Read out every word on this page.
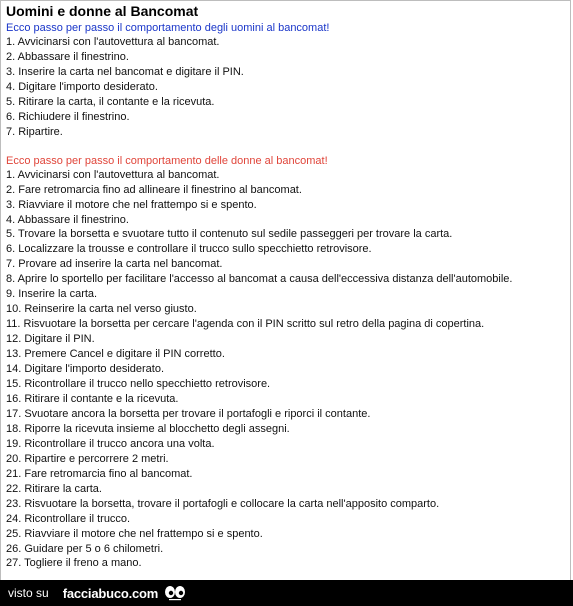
Uomini e donne al Bancomat
Ecco passo per passo il comportamento degli uomini al bancomat!
1. Avvicinarsi con l'autovettura al bancomat.
2. Abbassare il finestrino.
3. Inserire la carta nel bancomat e digitare il PIN.
4. Digitare l'importo desiderato.
5. Ritirare la carta, il contante e la ricevuta.
6. Richiudere il finestrino.
7. Ripartire.
Ecco passo per passo il comportamento delle donne al bancomat!
1. Avvicinarsi con l'autovettura al bancomat.
2. Fare retromarcia fino ad allineare il finestrino al bancomat.
3. Riavviare il motore che nel frattempo si e spento.
4. Abbassare il finestrino.
5. Trovare la borsetta e svuotare tutto il contenuto sul sedile passeggeri per trovare la carta.
6. Localizzare la trousse e controllare il trucco sullo specchietto retrovisore.
7. Provare ad inserire la carta nel bancomat.
8. Aprire lo sportello per facilitare l'accesso al bancomat a causa dell'eccessiva distanza dell'automobile.
9. Inserire la carta.
10. Reinserire la carta nel verso giusto.
11. Risvuotare la borsetta per cercare l'agenda con il PIN scritto sul retro della pagina di copertina.
12. Digitare il PIN.
13. Premere Cancel e digitare il PIN corretto.
14. Digitare l'importo desiderato.
15. Ricontrollare il trucco nello specchietto retrovisore.
16. Ritirare il contante e la ricevuta.
17. Svuotare ancora la borsetta per trovare il portafogli e riporci il contante.
18. Riporre la ricevuta insieme al blocchetto degli assegni.
19. Ricontrollare il trucco ancora una volta.
20. Ripartire e percorrere 2 metri.
21. Fare retromarcia fino al bancomat.
22. Ritirare la carta.
23. Risvuotare la borsetta, trovare il portafogli e collocare la carta nell'apposito comparto.
24. Ricontrollare il trucco.
25. Riavviare il motore che nel frattempo si e spento.
26. Guidare per 5 o 6 chilometri.
27. Togliere il freno a mano.
visto su facciabuco.com
